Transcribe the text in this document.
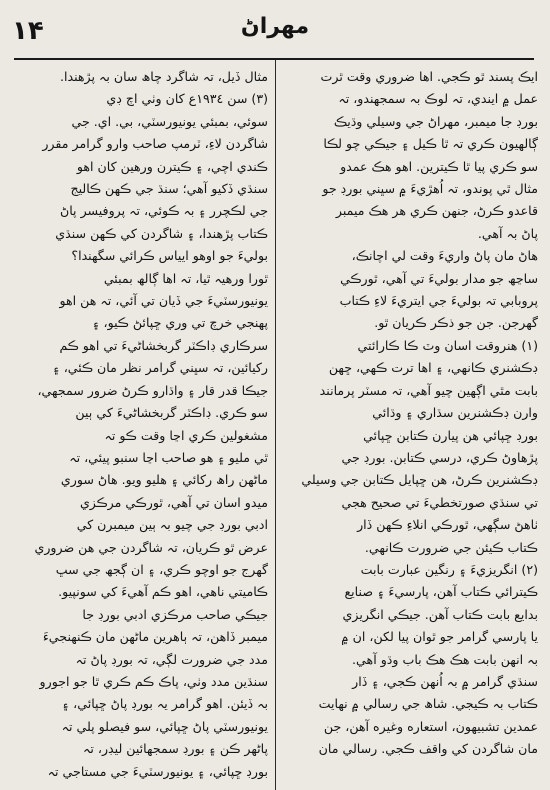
١۴	مھراڻ

ايڪ پسند ٿو ڪجي. اھا ضروري وقت ٿرت
عمل ۾ ايندي، تہ لوڪ بہ سمجھندو، تہ
بورڊ جا ميمبر، مھراڻ جي وسيلي وڌيڪ
ڳالھيون ڪري تہ ٿا ڪيل ۽ جيڪي چو لڪا
سو ڪري پيا ٿا ڪيترين. اھو ھڪ عمدو
مثال ٿي پوندو، تہ اُھڙيءَ ۾ سڀني بورڊ جو
قاعدو ڪرڻ، جنھن ڪري ھر ھڪ ميمبر
پاڻ بہ آھي.

ھاڻ مان پاڻ واريءَ وقت لي اچانڪ،
ساڃھ جو مدار بوليءَ تي آھي، ٿورڪي
پروبابي تہ بوليءَ جي ايتريءَ لاءِ ڪتاب
گھرجن. جن جو ذڪر ڪريان ٿو.

(١) ھنروقت اسان وٽ ڪا ڪارائتي
ڊڪشنري ڪانھي، ۽ اھا ترت ڪھي، ڇھن
بابت مٿي اڳھين چيو آھي، تہ مسٽر پرمانند
وارن ڊڪشنرين سڌاري ۽ وڌائي
بورڊ ڇپائي ھن پيارن ڪتابن ڇپائي
پڙھاوڻ ڪري، درسي ڪتابن. بورڊ جي
ڊڪشنرين ڪرڻ، ھن ڇپايل ڪتابن جي وسيلي
تي سنڌي صورتخطيءَ تي صحيح ھجي
ٺاھڻ سڳھي، ٿورڪي انلاءِ ڪھن ڏار
ڪتاب ڪيئن جي ضرورت ڪانھي.

(٢) انگريزيءَ ۽ رنگين عبارت بابت
ڪيترائي ڪتاب آھن، پارسيءَ ۽ صنايع
بدايع بابت ڪتاب آھن. جيڪي انگريزي
يا پارسي گرامر جو ٿوان پيا لکن، ان ۾
بہ انھن بابت ھڪ ھڪ باب وڌو آھي.
سنڌي گرامر ۾ بہ اُنھن ڪجي، ۽ ڏار
ڪتاب بہ ڪيجي. شاھ جي رسالي ۾ نھايت
عمدين تشبيھون، استعاره وغيره آھن، جن
مان شاگردن کي واقف ڪجي. رسالي مان

مثال ڏيل، تہ شاگرد چاھ سان بہ پڙھندا.

(٣) سن ١٩٣٤ع کان وٺي اچ ڊي
سوئي، بمبئي يونيورسٽي، بي. اي. جي
شاگردن لاءِ، ٽرمپ صاحب وارو گرامر مقرر
ڪندي اچي، ۽ ڪيترن ورھين کان اھو
سنڌي ڏکيو آھي؛ سنڌ جي ڪھن ڪاليج
جي لڪچرر ۽ بہ ڪوئي، تہ پروفيسر پاڻ
ڪتاب پڙھندا، ۽ شاگردن کي ڪھن سنڌي
بوليءَ جو اوھو ايياس ڪرائي سگھندا؟
ٿورا ورھيہ ٿيا، تہ اھا ڳالھ بمبئي
يونيورسٽيءَ جي ڏيان تي آئي، تہ ھن اھو
پھنجي خرچ تي وري ڇپائڻ ڪيو، ۽
سرڪاري ڊاڪٽر گربخشاڻيءَ تي اھو ڪم
رکيائين، تہ سڀني گرامر نظر مان ڪئي، ۽
جيڪا قدر قار ۽ واڌارو ڪرڻ ضرور سمجھي،
سو ڪري. ڊاڪٽر گربخشاڻيءَ کي ٻين
مشغولين ڪري اڃا وقت ڪو تہ
ٿي مليو ۽ ھو صاحب اڃا سنبو پيئي، تہ
ماڻھن راھ رکائي ۽ ھليو ويو. ھاڻ سوري
ميدو اسان تي آھي، ٿورڪي مرڪزي
ادبي بورڊ جي چيو بہ ٻين ميمبرن کي
عرض ٿو ڪريان، تہ شاگردن جي ھن ضروري
گھرج جو اوچو ڪري، ۽ ان ڳجھ جي سڀ
ڪاميتي ناھي، اھو ڪم آھيءَ کي سونپيو.
جيڪي صاحب مرڪزي ادبي بورڊ جا
ميمبر ڏاھن، تہ ٻاھرين ماڻھن مان ڪنھنجيءَ
مدد جي ضرورت لڳي، تہ بورڊ پاڻ تہ
سنڌين مدد وٺي، پاڪ ڪم ڪري ٿا جو اجورو
بہ ڏيئن. اھو گرامر يہ بورڊ پاڻ ڇپائي، ۽
يونيورسٽي پاڻ ڇپائي، سو فيصلو پلي تہ
پاڻھر ڪن ۽ بورڊ سمجھائين ليڊر، تہ
بورڊ ڇپائي، ۽ يونيورسٽيءَ جي مستاجي تہ
